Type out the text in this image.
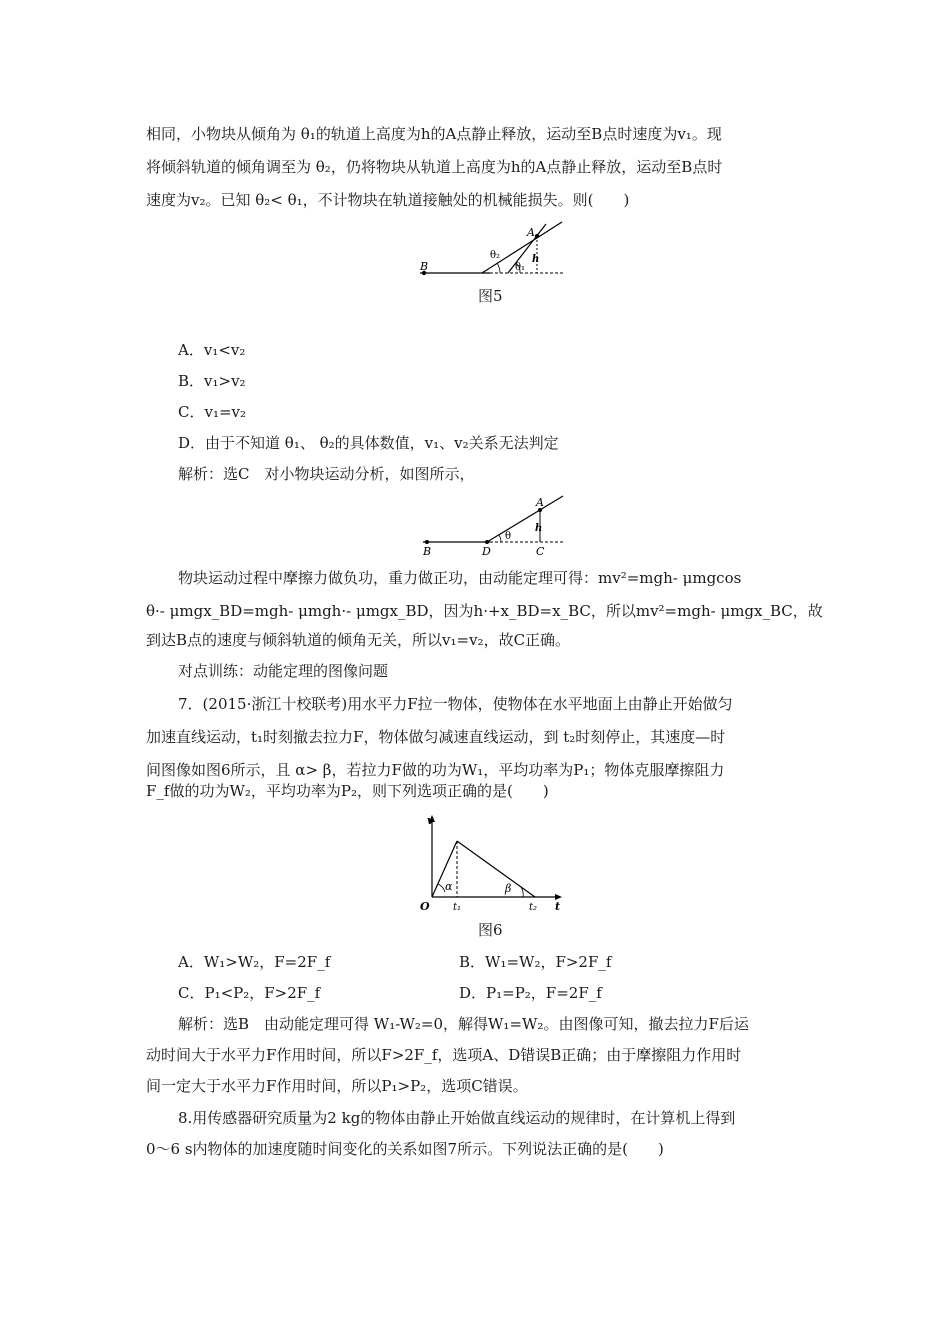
相同，小物块从倾角为 θ₁的轨道上高度为h的A点静止释放，运动至B点时速度为v₁。现
将倾斜轨道的倾角调至为 θ₂，仍将物块从轨道上高度为h的A点静止释放，运动至B点时
速度为v₂。已知 θ₂< θ₁，不计物块在轨道接触处的机械能损失。则(　　)
B
A
h
θ₂
θ₁
图5
A．v₁<v₂
B．v₁>v₂
C．v₁=v₂
D．由于不知道 θ₁、 θ₂的具体数值，v₁、v₂关系无法判定
解析：选C　对小物块运动分析，如图所示，
A
h
θ
B	D	C
物块运动过程中摩擦力做负功，重力做正功，由动能定理可得：mv²=mgh- μmgcos
θ·- μmgx_BD=mgh- μmgh·- μmgx_BD，因为h·+x_BD=x_BC，所以mv²=mgh- μmgx_BC，故
到达B点的速度与倾斜轨道的倾角无关，所以v₁=v₂，故C正确。
对点训练：动能定理的图像问题
7．(2015·浙江十校联考)用水平力F拉一物体，使物体在水平地面上由静止开始做匀
加速直线运动，t₁时刻撤去拉力F，物体做匀减速直线运动，到 t₂时刻停止，其速度—时
间图像如图6所示，且 α> β，若拉力F做的功为W₁，平均功率为P₁；物体克服摩擦阻力
F_f做的功为W₂，平均功率为P₂，则下列选项正确的是(　　)
v
t
O t₁	t₂
α	β
图6
A．W₁>W₂，F=2F_f	B．W₁=W₂，F>2F_f
C．P₁<P₂，F>2F_f	D．P₁=P₂，F=2F_f
解析：选B　由动能定理可得 W₁-W₂=0，解得W₁=W₂。由图像可知，撤去拉力F后运
动时间大于水平力F作用时间，所以F>2F_f，选项A、D错误B正确；由于摩擦阻力作用时
间一定大于水平力F作用时间，所以P₁>P₂，选项C错误。
8.用传感器研究质量为2 kg的物体由静止开始做直线运动的规律时，在计算机上得到
0～6 s内物体的加速度随时间变化的关系如图7所示。下列说法正确的是(　　)
